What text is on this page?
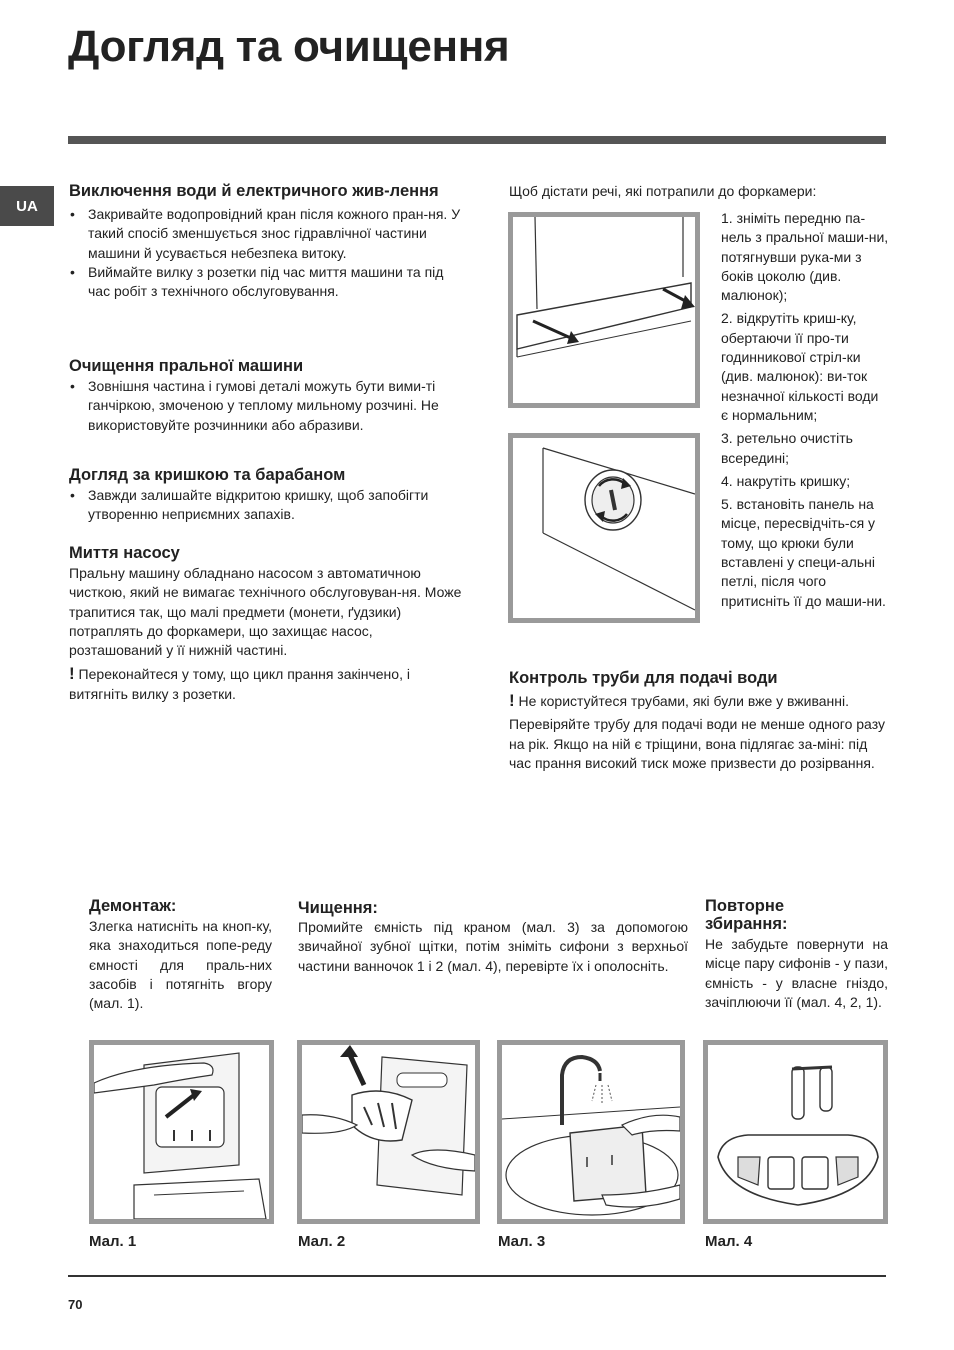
Догляд та очищення
UA

Виключення води й електричного жив-лення

• Закривайте водопровідний кран після кожного пран-ня. У такий спосіб зменшується знос гідравлічної частини машини й усувається небезпека витоку.
• Виймайте вилку з розетки під час миття машини та під час робіт з технічного обслуговування.

Очищення пральної машини

• Зовнішня частина і гумові деталі можуть бути вими-ті ганчіркою, змоченою у теплому мильному розчині. Не використовуйте розчинники або абразиви.

Догляд за кришкою та барабаном

• Завжди залишайте відкритою кришку, щоб запобігти утворенню неприємних запахів.

Миття насосу

Пральну машину обладнано насосом з автоматичною чисткою, який не вимагає технічного обслуговуван-ня. Може трапитися так, що малі предмети (монети, ґудзики) потраплять до форкамери, що захищає насос, розташований у її нижній частині.
! Переконайтеся у тому, що цикл прання закінчено, і витягніть вилку з розетки.
Щоб дістати речі, які потрапили до форкамери:
1. зніміть передню па-нель з пральної маши-ни, потягнувши рука-ми з боків цоколю (див. малюнок);
2. відкрутіть криш-ку, обертаючи її про-ти годинникової стріл-ки (див. малюнок): ви-ток незначної кількості води є нормальним;
3. ретельно очистіть всередині;
4. накрутіть кришку;
5. встановіть панель на місце, пересвідчіть-ся у тому, що крюки були вставлені у специ-альні петлі, після чого притисніть її до маши-ни.

Контроль труби для подачі води

! Не користуйтеся трубами, які були вже у вживанні.
Перевіряйте трубу для подачі води не менше одного разу на рік. Якщо на ній є тріщини, вона підлягає за-міні: під час прання високий тиск може призвести до розірвання.

Демонтаж:

Злегка натисніть на кноп-ку, яка знаходиться попе-реду ємності для праль-них засобів і потягніть вгору (мал. 1).

Чищення:

Промийте ємність під краном (мал. 3) за допомогою звичайної зубної щітки, потім зніміть сифони з верхньої частини ванночок 1 і 2 (мал. 4), перевірте їх і ополосніть.

Повторне збирання:

Не забудьте повернути на місце пару сифонів - у пази, ємність - у власне гніздо, зачіплюючи її (мал. 4, 2, 1).
Мал. 1	Мал. 2	Мал. 3	Мал. 4
70
